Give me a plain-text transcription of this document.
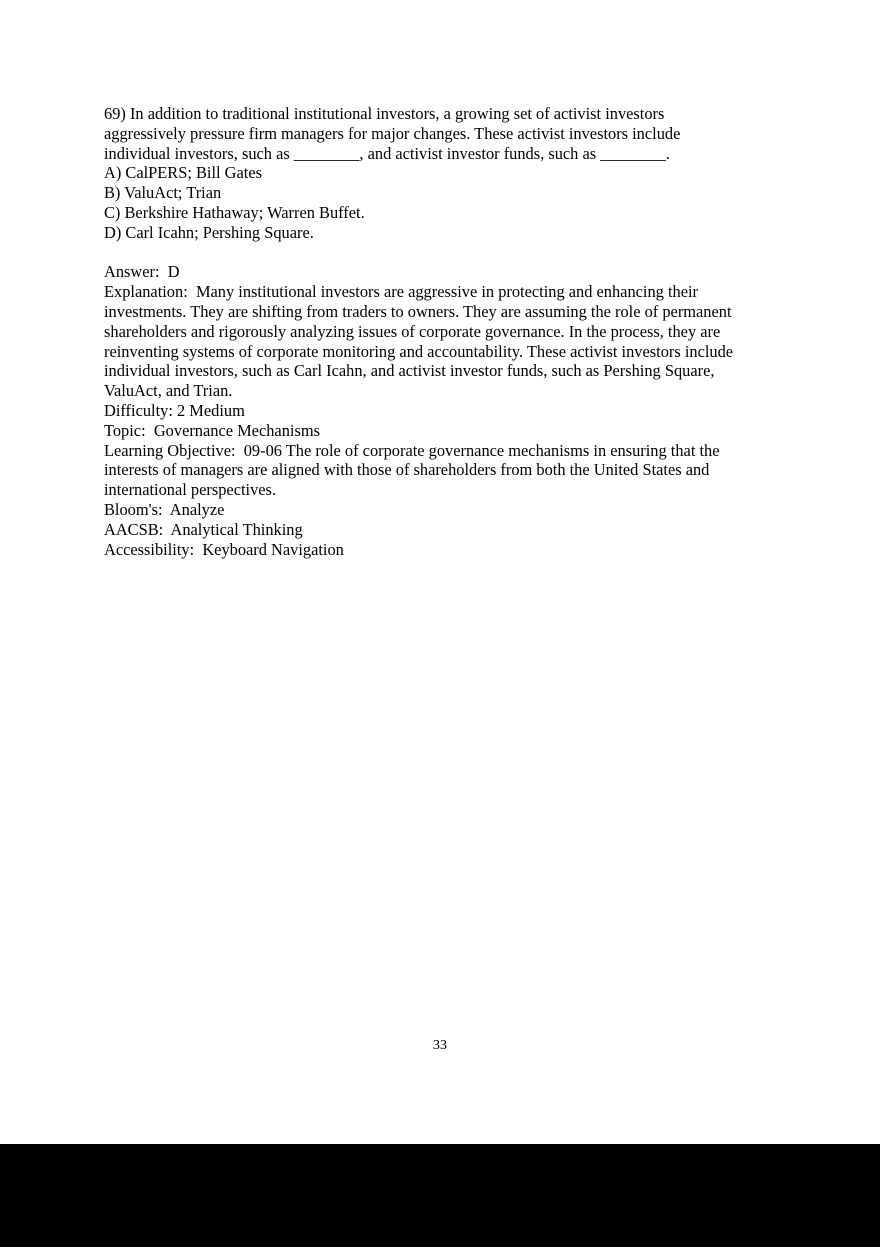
69) In addition to traditional institutional investors, a growing set of activist investors
aggressively pressure firm managers for major changes. These activist investors include
individual investors, such as ________, and activist investor funds, such as ________.
A) CalPERS; Bill Gates
B) ValuAct; Trian
C) Berkshire Hathaway; Warren Buffet.
D) Carl Icahn; Pershing Square.
Answer:  D
Explanation:  Many institutional investors are aggressive in protecting and enhancing their
investments. They are shifting from traders to owners. They are assuming the role of permanent
shareholders and rigorously analyzing issues of corporate governance. In the process, they are
reinventing systems of corporate monitoring and accountability. These activist investors include
individual investors, such as Carl Icahn, and activist investor funds, such as Pershing Square,
ValuAct, and Trian.
Difficulty: 2 Medium
Topic:  Governance Mechanisms
Learning Objective:  09-06 The role of corporate governance mechanisms in ensuring that the
interests of managers are aligned with those of shareholders from both the United States and
international perspectives.
Bloom's:  Analyze
AACSB:  Analytical Thinking
Accessibility:  Keyboard Navigation
33
